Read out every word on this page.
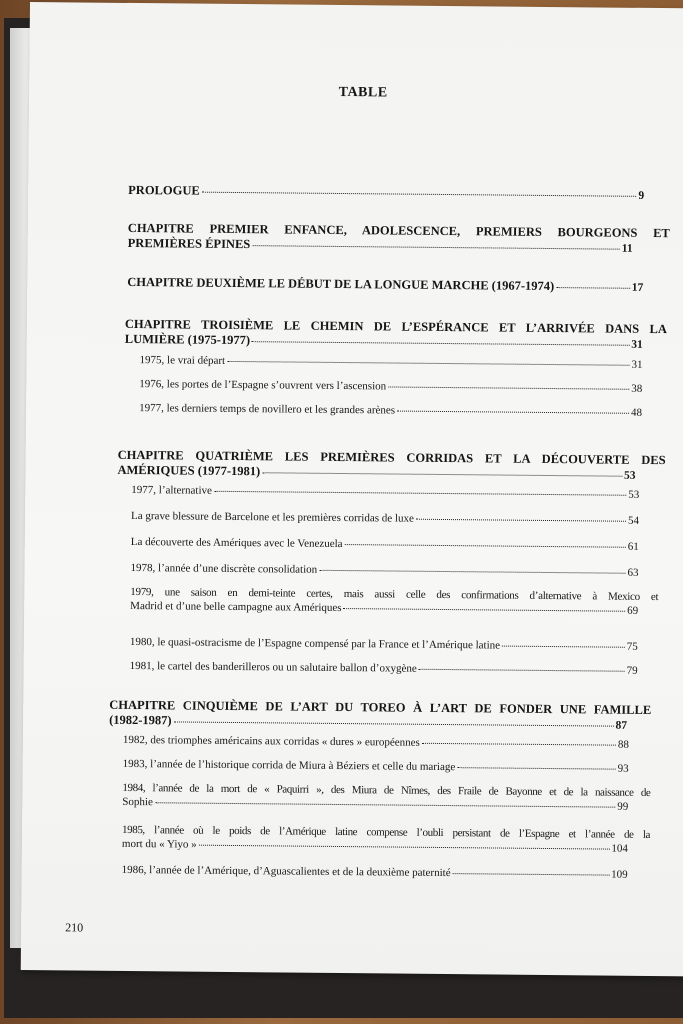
TABLE
PROLOGUE	9
CHAPITRE PREMIER ENFANCE, ADOLESCENCE, PREMIERS BOURGEONS ET
PREMIÈRES ÉPINES	11
CHAPITRE DEUXIÈME LE DÉBUT DE LA LONGUE MARCHE (1967-1974)	17
CHAPITRE TROISIÈME LE CHEMIN DE L’ESPÉRANCE ET L’ARRIVÉE DANS LA
LUMIÈRE (1975-1977)	31
1975, le vrai départ	31
1976, les portes de l’Espagne s’ouvrent vers l’ascension	38
1977, les derniers temps de novillero et les grandes arènes	48
CHAPITRE QUATRIÈME LES PREMIÈRES CORRIDAS ET LA DÉCOUVERTE DES
AMÉRIQUES (1977-1981)	53
1977, l’alternative	53
La grave blessure de Barcelone et les premières corridas de luxe	54
La découverte des Amériques avec le Venezuela	61
1978, l’année d’une discrète consolidation	63
1979, une saison en demi-teinte certes, mais aussi celle des confirmations d’alternative à Mexico et
Madrid et d’une belle campagne aux Amériques	69
1980, le quasi-ostracisme de l’Espagne compensé par la France et l’Amérique latine	75
1981, le cartel des banderilleros ou un salutaire ballon d’oxygène	79
CHAPITRE CINQUIÈME DE L’ART DU TOREO À L’ART DE FONDER UNE FAMILLE
(1982-1987)	87
1982, des triomphes américains aux corridas « dures » européennes	88
1983, l’année de l’historique corrida de Miura à Béziers et celle du mariage	93
1984, l’année de la mort de « Paquirri », des Miura de Nîmes, des Fraile de Bayonne et de la naissance de
Sophie	99
1985, l’année où le poids de l’Amérique latine compense l’oubli persistant de l’Espagne et l’année de la
mort du « Yiyo »	104
1986, l’année de l’Amérique, d’Aguascalientes et de la deuxième paternité	109
210
